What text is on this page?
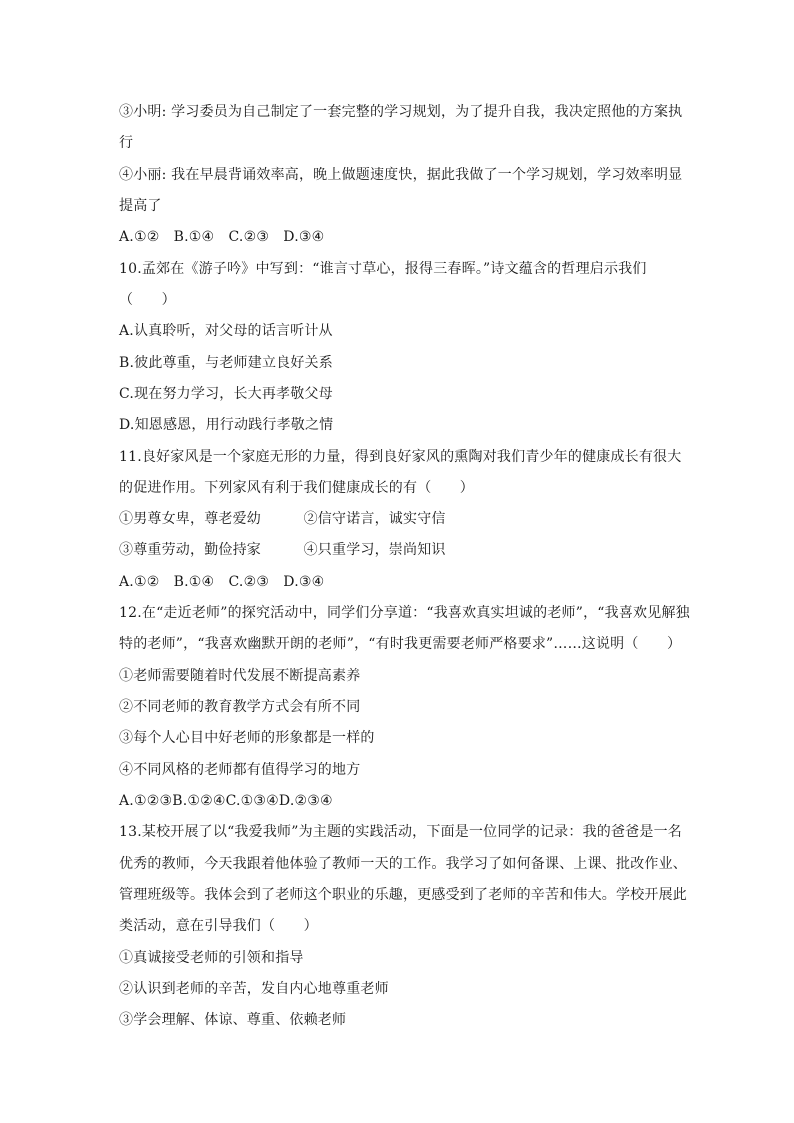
③小明: 学习委员为自己制定了一套完整的学习规划，为了提升自我，我决定照他的方案执
行
④小丽: 我在早晨背诵效率高，晚上做题速度快，据此我做了一个学习规划，学习效率明显
提高了
A.①②　B.①④　C.②③　D.③④
10.孟郊在《游子吟》中写到：“谁言寸草心，报得三春晖。”诗文蕴含的哲理启示我们
（　　）
A.认真聆听，对父母的话言听计从
B.彼此尊重，与老师建立良好关系
C.现在努力学习，长大再孝敬父母
D.知恩感恩，用行动践行孝敬之情
11.良好家风是一个家庭无形的力量，得到良好家风的熏陶对我们青少年的健康成长有很大
的促进作用。下列家风有利于我们健康成长的有（　　）
①男尊女卑，尊老爱幼　　　②信守诺言，诚实守信
③尊重劳动，勤俭持家　　　④只重学习，崇尚知识
A.①②　B.①④　C.②③　D.③④
12.在“走近老师”的探究活动中，同学们分享道：“我喜欢真实坦诚的老师”，“我喜欢见解独
特的老师”，“我喜欢幽默开朗的老师”，“有时我更需要老师严格要求”……这说明（　　）
①老师需要随着时代发展不断提高素养
②不同老师的教育教学方式会有所不同
③每个人心目中好老师的形象都是一样的
④不同风格的老师都有值得学习的地方
A.①②③B.①②④C.①③④D.②③④
13.某校开展了以“我爱我师”为主题的实践活动，下面是一位同学的记录：我的爸爸是一名
优秀的教师，今天我跟着他体验了教师一天的工作。我学习了如何备课、上课、批改作业、
管理班级等。我体会到了老师这个职业的乐趣，更感受到了老师的辛苦和伟大。学校开展此
类活动，意在引导我们（　　）
①真诚接受老师的引领和指导
②认识到老师的辛苦，发自内心地尊重老师
③学会理解、体谅、尊重、依赖老师
